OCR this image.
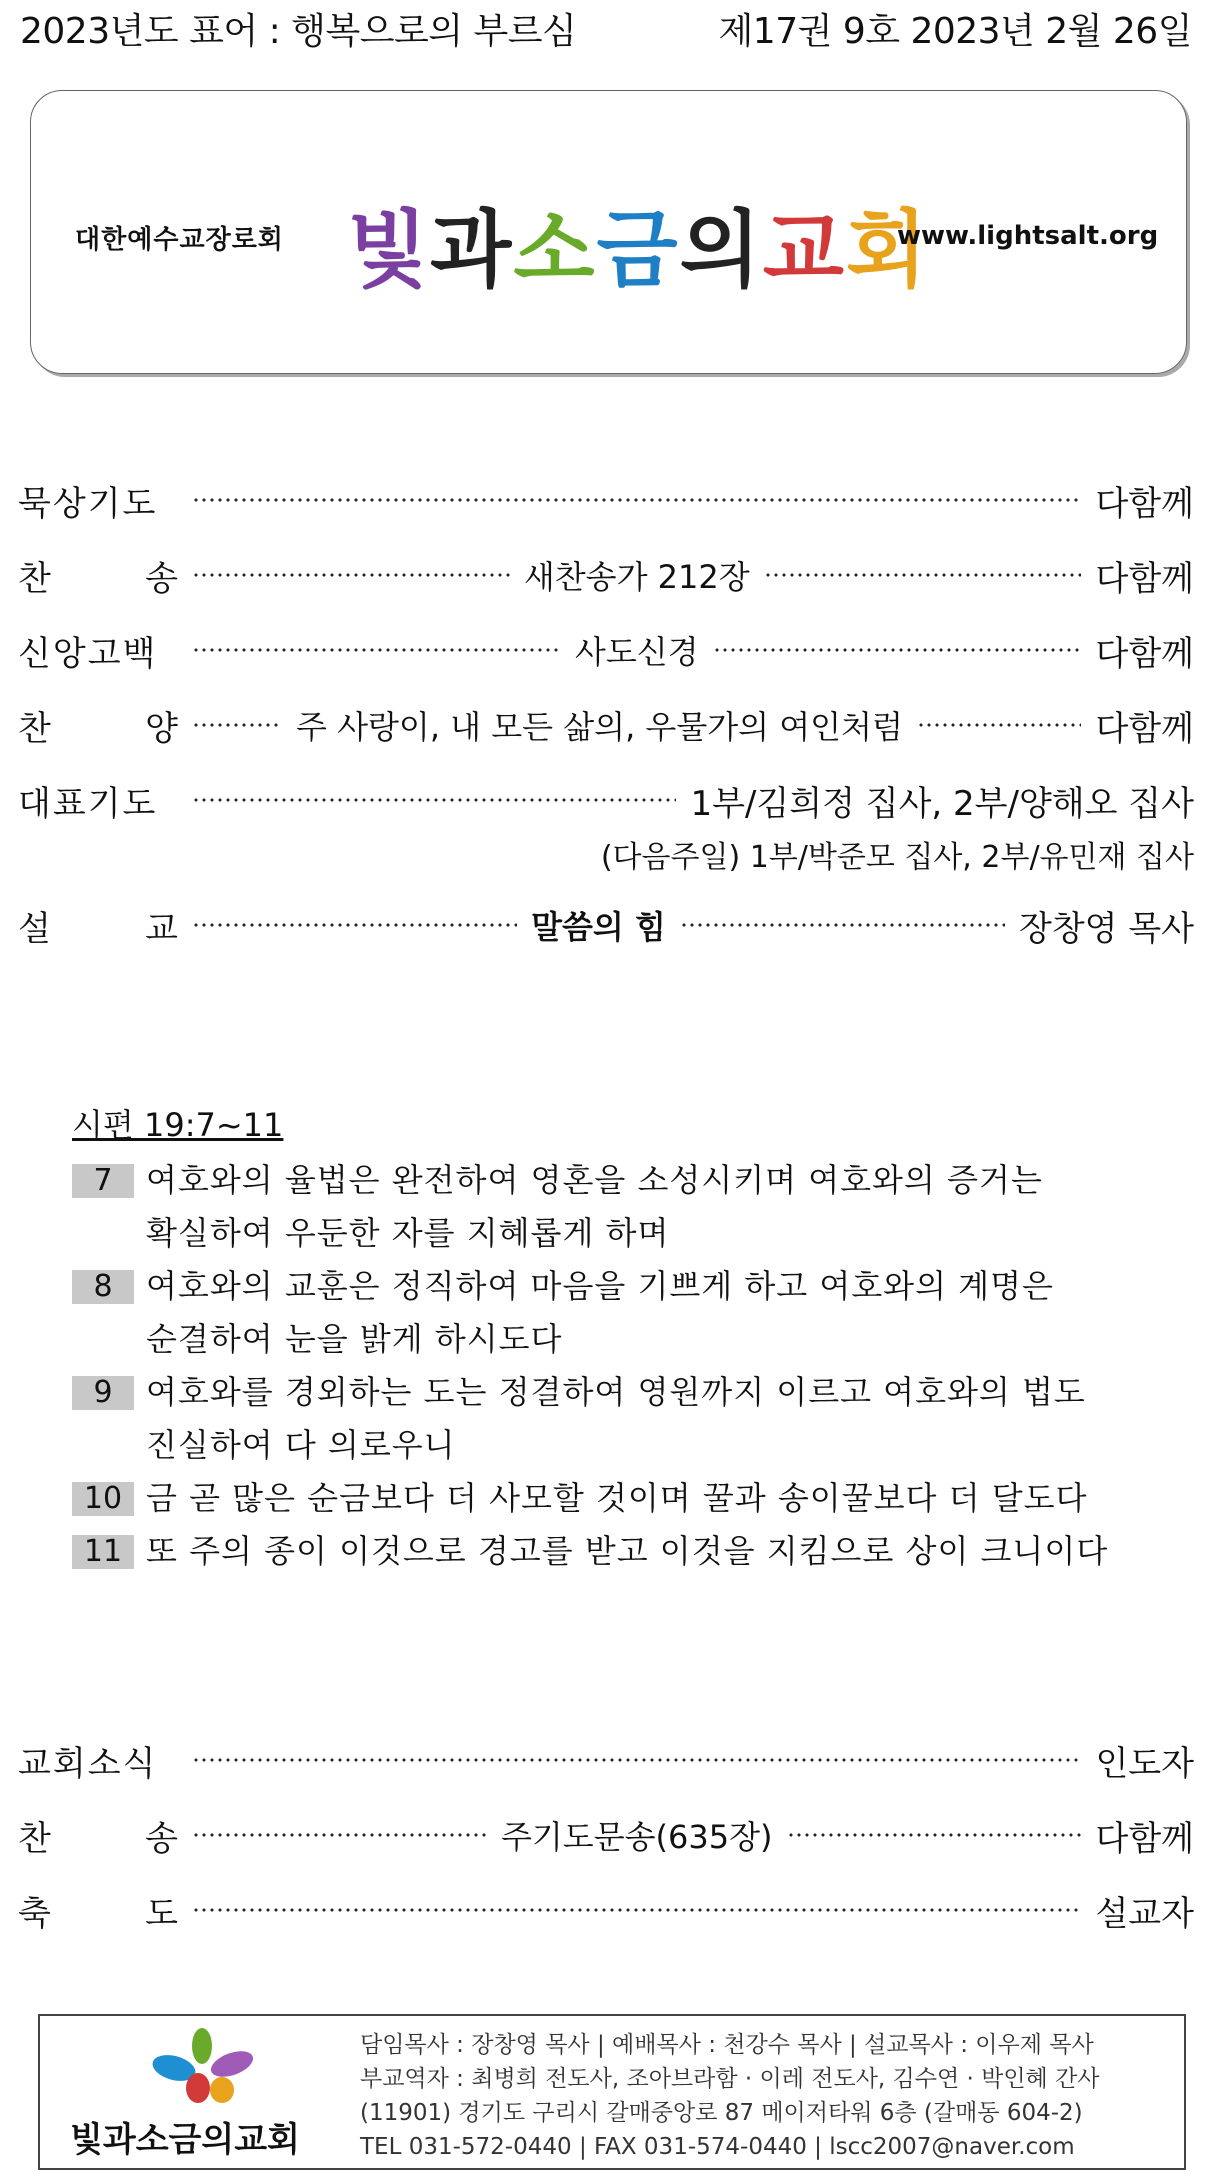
2023년도 표어 : 행복으로의 부르심	제17권 9호 2023년 2월 26일
대한예수교장로회 빛과소금의교회
www.lightsalt.org
묵상기도	다함께
찬	송	새찬송가 212장	다함께
신앙고백	사도신경	다함께
찬	양	주 사랑이, 내 모든 삶의, 우물가의 여인처럼	다함께
대표기도	1부/김희정 집사, 2부/양해오 집사
(다음주일) 1부/박준모 집사, 2부/유민재 집사
설	교	말씀의 힘	장창영 목사
시편 19:7~11
7	여호와의 율법은 완전하여 영혼을 소성시키며 여호와의 증거는
확실하여 우둔한 자를 지혜롭게 하며
8	여호와의 교훈은 정직하여 마음을 기쁘게 하고 여호와의 계명은
순결하여 눈을 밝게 하시도다
9	여호와를 경외하는 도는 정결하여 영원까지 이르고 여호와의 법도
진실하여 다 의로우니
10 금 곧 많은 순금보다 더 사모할 것이며 꿀과 송이꿀보다 더 달도다
11 또 주의 종이 이것으로 경고를 받고 이것을 지킴으로 상이 크니이다
교회소식	인도자
찬	송	주기도문송(635장)	다함께
축	도	설교자
빛과소금의교회
담임목사 : 장창영 목사 | 예배목사 : 천강수 목사 | 설교목사 : 이우제 목사
부교역자 : 최병희 전도사, 조아브라함 · 이레 전도사, 김수연 · 박인혜 간사
(11901) 경기도 구리시 갈매중앙로 87 메이저타워 6층 (갈매동 604-2)
TEL 031-572-0440 | FAX 031-574-0440 | lscc2007@naver.com
